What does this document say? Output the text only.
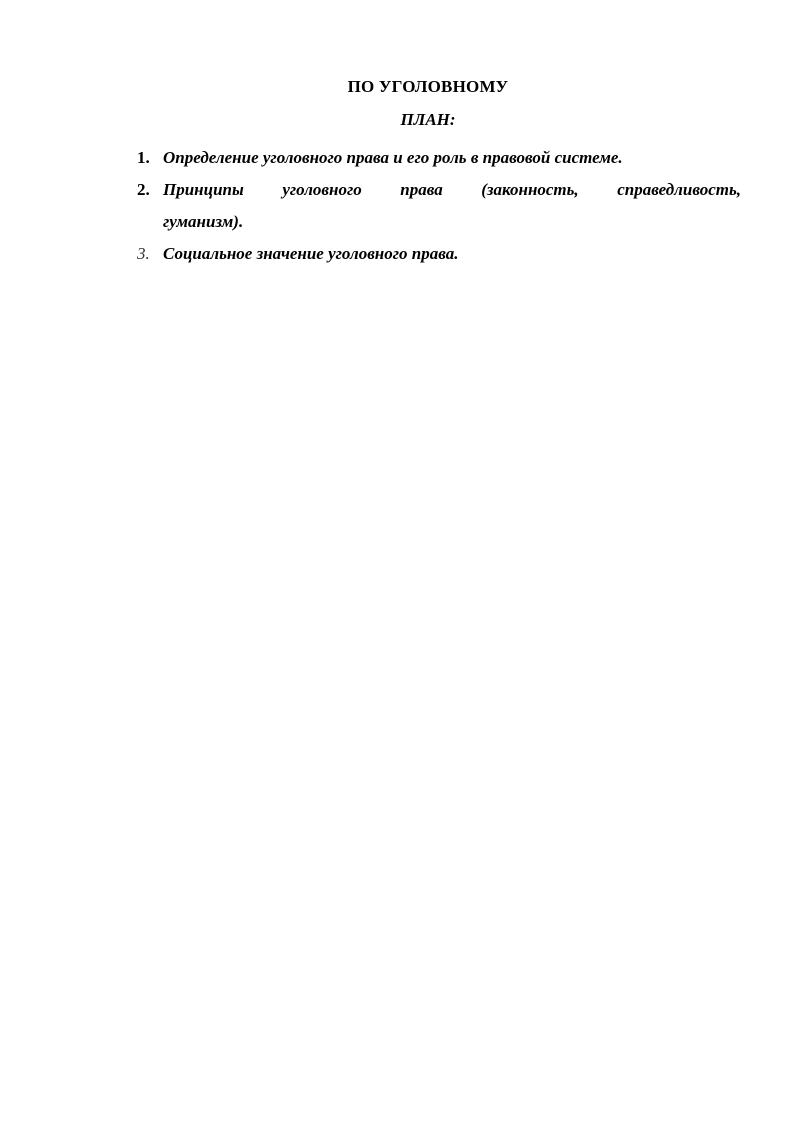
ПО УГОЛОВНОМУ
ПЛАН:
1. Определение уголовного права и его роль в правовой системе.
2. Принципы уголовного права (законность, справедливость,
гуманизм).
3. Социальное значение уголовного права.
